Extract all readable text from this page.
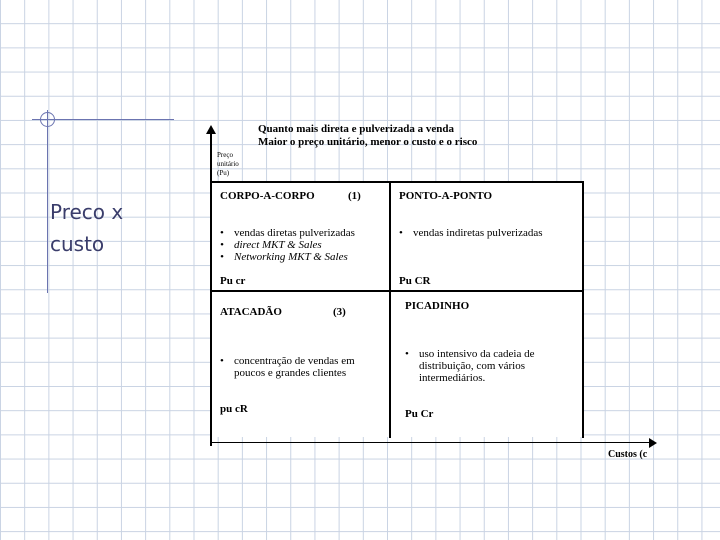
Preco x
custo
Quanto mais direta e pulverizada a venda
Maior o preço unitário, menor o custo e o risco
Preço
unitário
(Pu)
Custos (c
CORPO-A-CORPO	(1)
• vendas diretas pulverizadas
• direct MKT & Sales
• Networking MKT & Sales
Pu cr
PONTO-A-PONTO
• vendas indiretas pulverizadas
Pu CR
ATACADÃO	(3)
• concentração de vendas em poucos e grandes clientes
pu cR
PICADINHO
• uso intensivo da cadeia de distribuição, com vários intermediários.
Pu Cr
